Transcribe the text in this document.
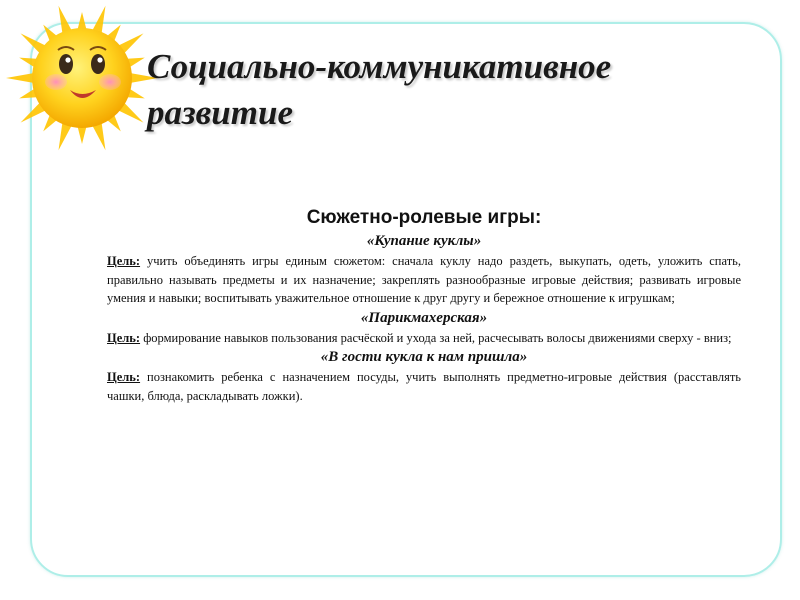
Социально-коммуникативное
развитие

Сюжетно-ролевые игры:

«Купание куклы»

Цель: учить объединять игры единым сюжетом: сначала куклу надо раздеть, выкупать, одеть, уложить спать, правильно называть предметы и их назначение; закреплять разнообразные игровые действия; развивать игровые умения и навыки; воспитывать уважительное отношение к друг другу и бережное отношение к игрушкам;

«Парикмахерская»

Цель: формирование навыков пользования расчёской и ухода за ней, расчесывать волосы движениями сверху - вниз;

«В гости кукла к нам пришла»

Цель: познакомить ребенка с назначением посуды, учить выполнять предметно-игровые действия (расставлять чашки, блюда, раскладывать ложки).
